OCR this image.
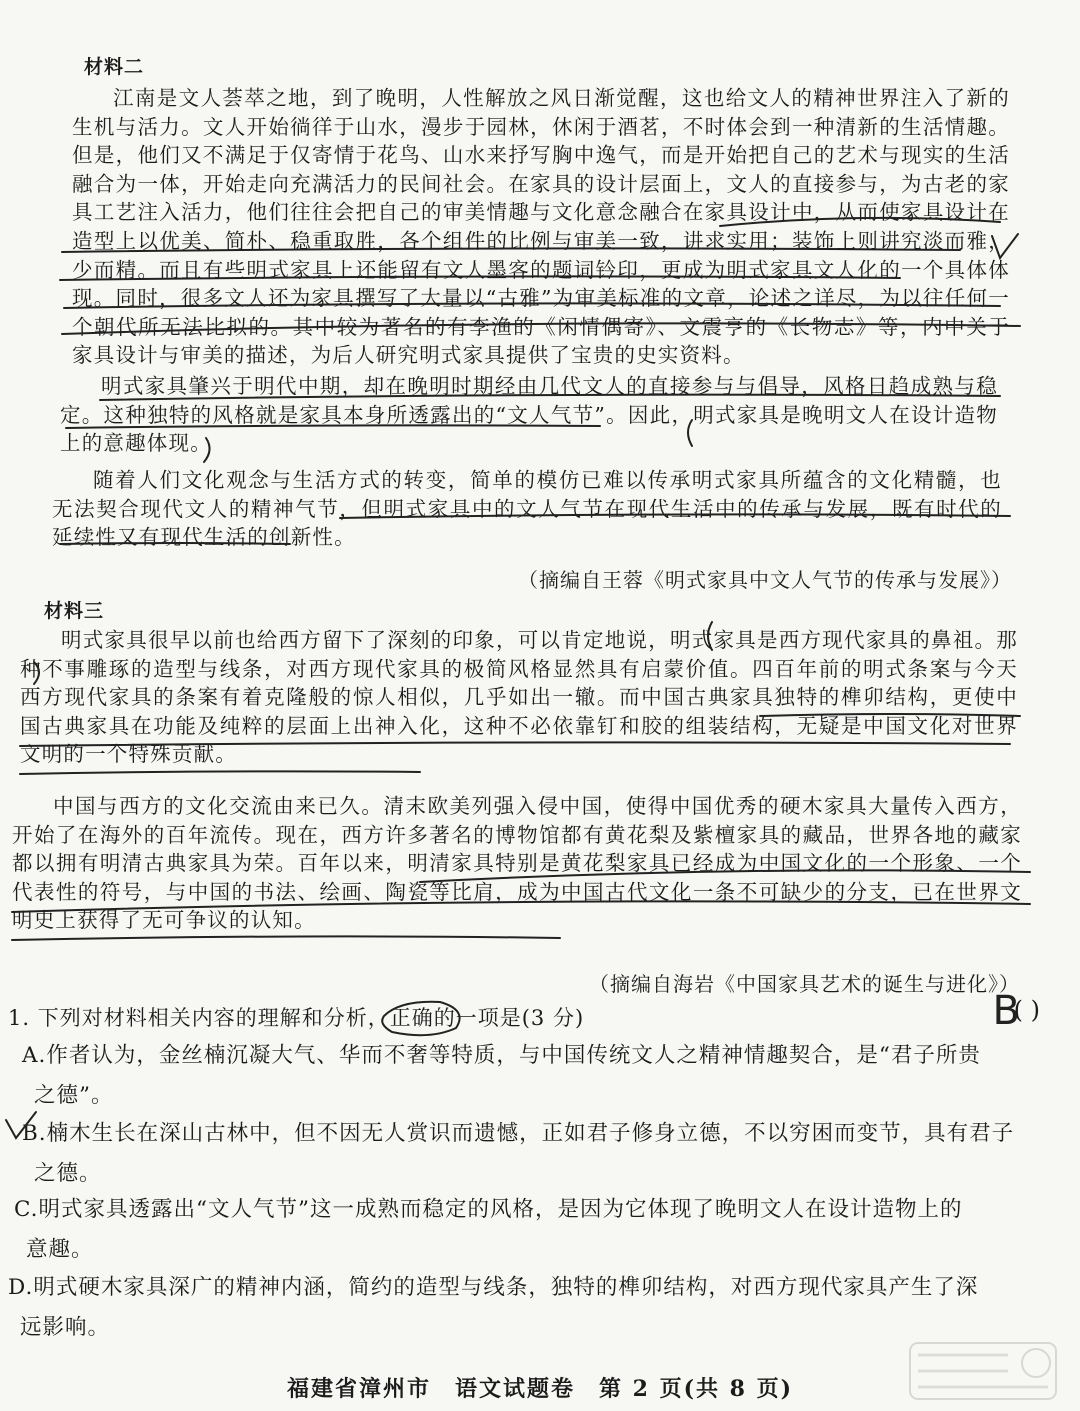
材料二

江南是文人荟萃之地，到了晚明，人性解放之风日渐觉醒，这也给文人的精神世界注入了新的生机与活力。文人开始徜徉于山水，漫步于园林，休闲于酒茗，不时体会到一种清新的生活情趣。但是，他们又不满足于仅寄情于花鸟、山水来抒写胸中逸气，而是开始把自己的艺术与现实的生活融合为一体，开始走向充满活力的民间社会。在家具的设计层面上，文人的直接参与，为古老的家具工艺注入活力，他们往往会把自己的审美情趣与文化意念融合在家具设计中，从而使家具设计在造型上以优美、简朴、稳重取胜，各个组件的比例与审美一致，讲求实用；装饰上则讲究淡而雅，少而精。而且有些明式家具上还能留有文人墨客的题词钤印，更成为明式家具文人化的一个具体体现。同时，很多文人还为家具撰写了大量以“古雅”为审美标准的文章，论述之详尽，为以往任何一个朝代所无法比拟的。其中较为著名的有李渔的《闲情偶寄》、文震亨的《长物志》等，内中关于家具设计与审美的描述，为后人研究明式家具提供了宝贵的史实资料。

明式家具肇兴于明代中期，却在晚明时期经由几代文人的直接参与与倡导，风格日趋成熟与稳定。这种独特的风格就是家具本身所透露出的“文人气节”。因此，明式家具是晚明文人在设计造物上的意趣体现。

随着人们文化观念与生活方式的转变，简单的模仿已难以传承明式家具所蕴含的文化精髓，也无法契合现代文人的精神气节，但明式家具中的文人气节在现代生活中的传承与发展，既有时代的延续性又有现代生活的创新性。

（摘编自王蓉《明式家具中文人气节的传承与发展》）
材料三

明式家具很早以前也给西方留下了深刻的印象，可以肯定地说，明式家具是西方现代家具的鼻祖。那种不事雕琢的造型与线条，对西方现代家具的极简风格显然具有启蒙价值。四百年前的明式条案与今天西方现代家具的条案有着克隆般的惊人相似，几乎如出一辙。而中国古典家具独特的榫卯结构，更使中国古典家具在功能及纯粹的层面上出神入化，这种不必依靠钉和胶的组装结构，无疑是中国文化对世界文明的一个特殊贡献。

中国与西方的文化交流由来已久。清末欧美列强入侵中国，使得中国优秀的硬木家具大量传入西方，开始了在海外的百年流传。现在，西方许多著名的博物馆都有黄花梨及紫檀家具的藏品，世界各地的藏家都以拥有明清古典家具为荣。百年以来，明清家具特别是黄花梨家具已经成为中国文化的一个形象、一个代表性的符号，与中国的书法、绘画、陶瓷等比肩，成为中国古代文化一条不可缺少的分支，已在世界文明史上获得了无可争议的认知。

（摘编自海岩《中国家具艺术的诞生与进化》）
1. 下列对材料相关内容的理解和分析，正确的一项是(3 分)	( )
B
A.作者认为，金丝楠沉凝大气、华而不奢等特质，与中国传统文人之精神情趣契合，是“君子所贵
之德”。
B.楠木生长在深山古林中，但不因无人赏识而遗憾，正如君子修身立德，不以穷困而变节，具有君子
之德。
C.明式家具透露出“文人气节”这一成熟而稳定的风格，是因为它体现了晚明文人在设计造物上的
意趣。
D.明式硬木家具深广的精神内涵，简约的造型与线条，独特的榫卯结构，对西方现代家具产生了深
远影响。
福建省漳州市　语文试题卷　第 2 页(共 8 页)
